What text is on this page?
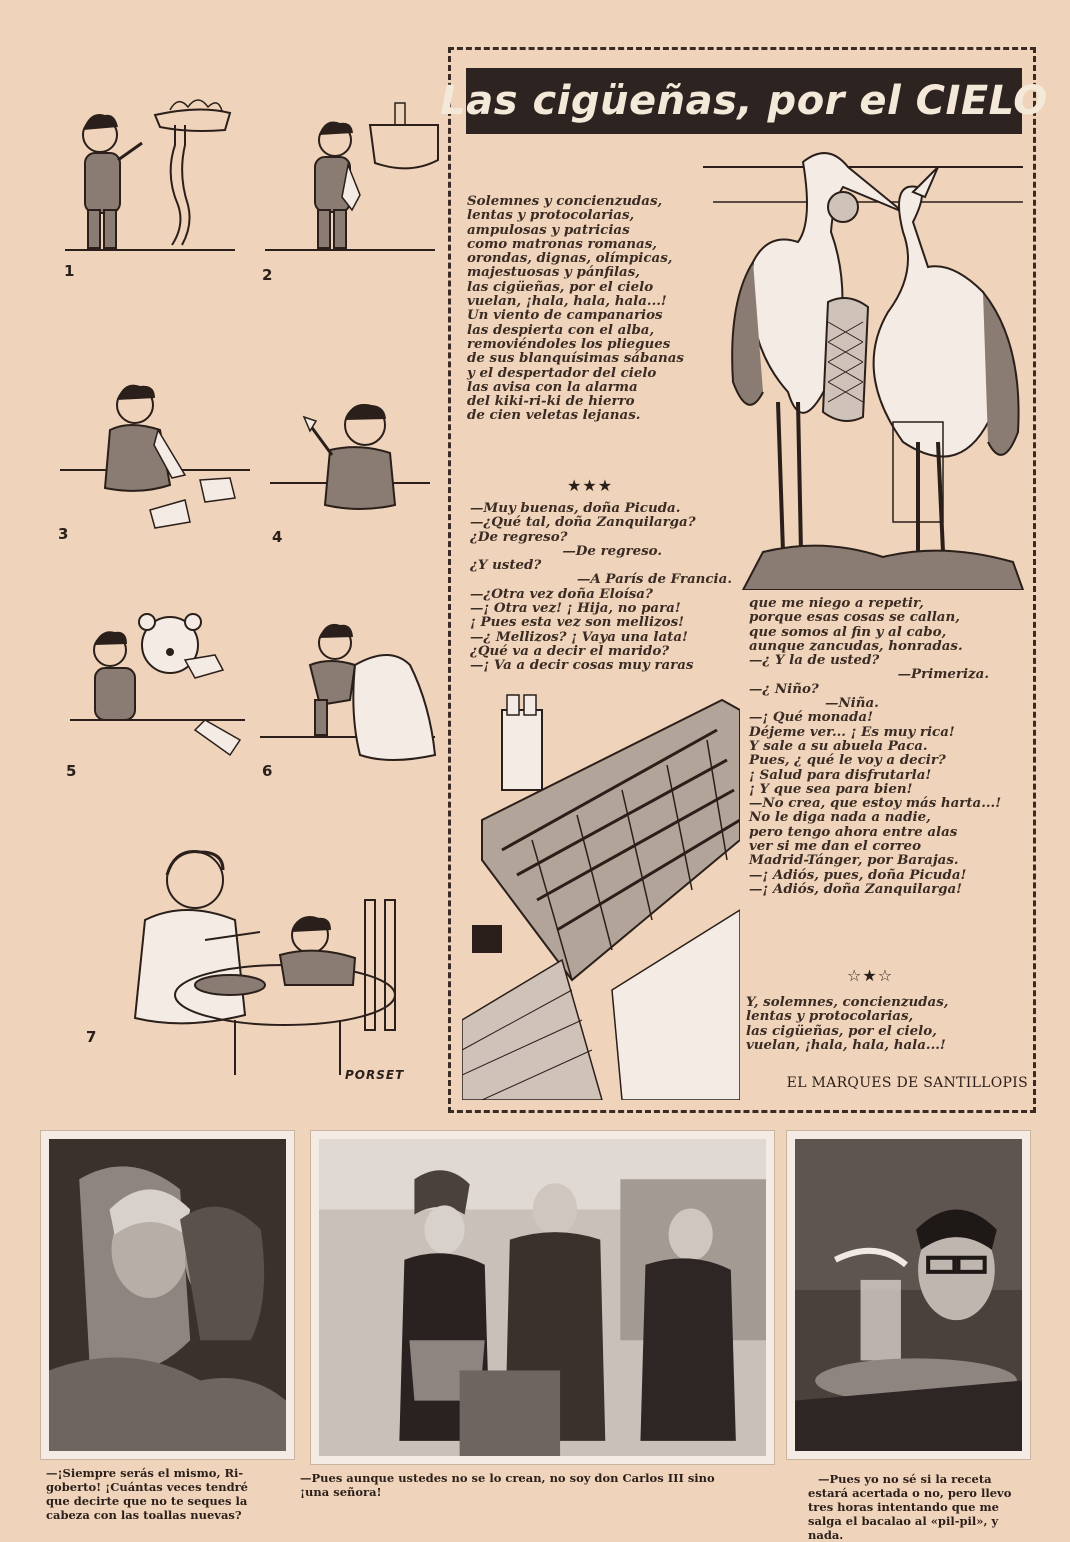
1	2
3	4
5	6
7
PORSET
Las cigüeñas, por el CIELO
Solemnes y concienzudas,
lentas y protocolarias,
ampulosas y patricias
como matronas romanas,
orondas, dignas, olímpicas,
majestuosas y pánfilas,
las cigüeñas, por el cielo
vuelan, ¡hala, hala, hala...!
Un viento de campanarios
las despierta con el alba,
removiéndoles los pliegues
de sus blanquísimas sábanas
y el despertador del cielo
las avisa con la alarma
del kiki-ri-ki de hierro
de cien veletas lejanas.
★★★
—Muy buenas, doña Picuda.
—¿Qué tal, doña Zanquilarga?
¿De regreso?
—De regreso.
¿Y usted?
—A París de Francia.
—¿Otra vez doña Eloísa?
—¡ Otra vez! ¡ Hija, no para!
¡ Pues esta vez son mellizos!
—¿ Mellizos? ¡ Vaya una lata!
¿Qué va a decir el marido?
—¡ Va a decir cosas muy raras
que me niego a repetir,
porque esas cosas se callan,
que somos al fin y al cabo,
aunque zancudas, honradas.
—¿ Y la de usted?
—Primeriza.
—¿ Niño?
—Niña.
—¡ Qué monada!
Déjeme ver... ¡ Es muy rica!
Y sale a su abuela Paca.
Pues, ¿ qué le voy a decir?
¡ Salud para disfrutarla!
¡ Y que sea para bien!
—No crea, que estoy más harta...!
No le diga nada a nadie,
pero tengo ahora entre alas
ver si me dan el correo
Madrid-Tánger, por Barajas.
—¡ Adiós, pues, doña Picuda!
—¡ Adiós, doña Zanquilarga!
☆★☆
Y, solemnes, concienzudas,
lentas y protocolarias,
las cigüeñas, por el cielo,
vuelan, ¡hala, hala, hala...!
EL MARQUES DE SANTILLOPIS
—¡Siempre serás el mismo, Ri-
goberto! ¡Cuántas veces tendré
que decirte que no te seques la
cabeza con las toallas nuevas?
—Pues aunque ustedes no se lo crean, no soy don Carlos III sino
¡una señora!
—Pues yo no sé si la receta
estará acertada o no, pero llevo
tres horas intentando que me
salga el bacalao al «pil-pil», y
nada.
